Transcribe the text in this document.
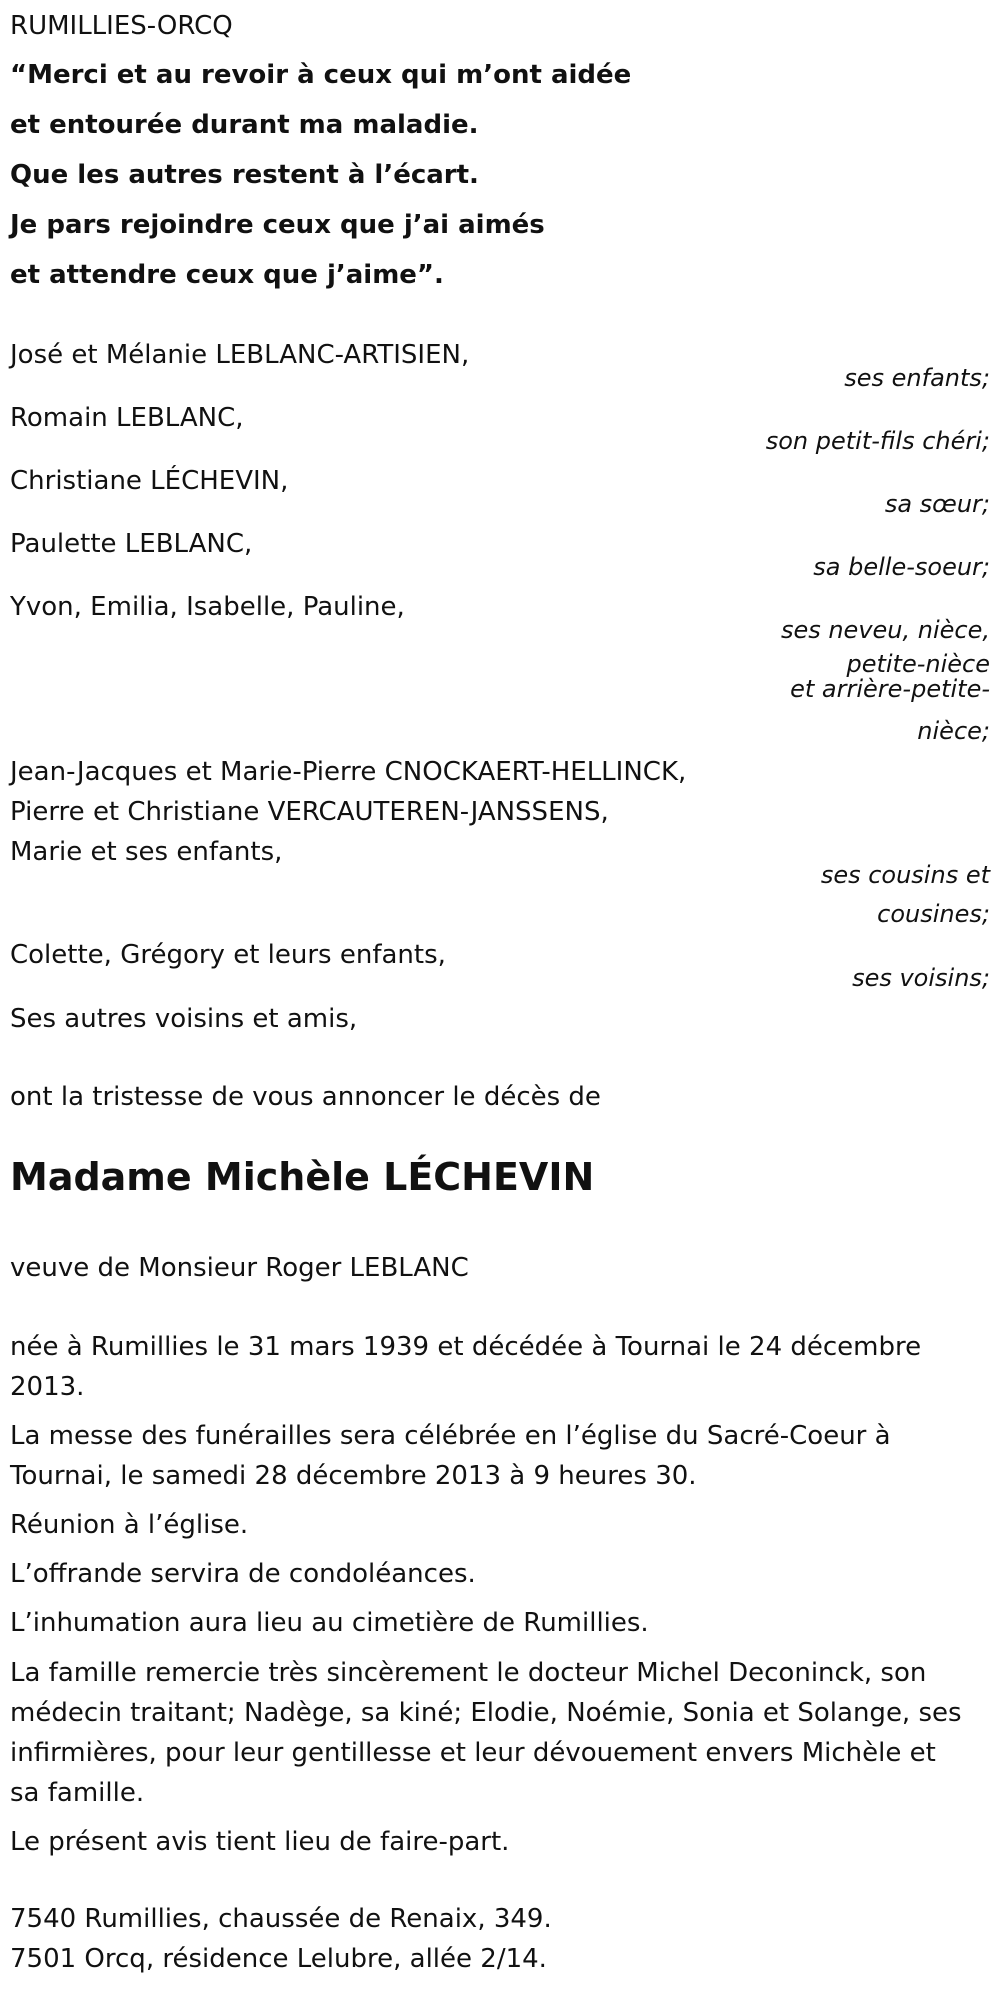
RUMILLIES-ORCQ

“Merci et au revoir à ceux qui m’ont aidée

et entourée durant ma maladie.

Que les autres restent à l’écart.

Je pars rejoindre ceux que j’ai aimés

et attendre ceux que j’aime”.

José et Mélanie LEBLANC-ARTISIEN,

ses enfants;

Romain LEBLANC,

son petit-fils chéri;

Christiane LÉCHEVIN,

sa sœur;

Paulette LEBLANC,

sa belle-soeur;

Yvon, Emilia, Isabelle, Pauline,

ses neveu, nièce,

petite-nièce

et arrière-petite-

nièce;

Jean-Jacques et Marie-Pierre CNOCKAERT-HELLINCK,

Pierre et Christiane VERCAUTEREN-JANSSENS,

Marie et ses enfants,

ses cousins et

cousines;

Colette, Grégory et leurs enfants,

ses voisins;

Ses autres voisins et amis,

ont la tristesse de vous annoncer le décès de

Madame Michèle LÉCHEVIN

veuve de Monsieur Roger LEBLANC

née à Rumillies le 31 mars 1939 et décédée à Tournai le 24 décembre 2013.

La messe des funérailles sera célébrée en l’église du Sacré-Coeur à Tournai, le samedi 28 décembre 2013 à 9 heures 30.

Réunion à l’église.

L’offrande servira de condoléances.

L’inhumation aura lieu au cimetière de Rumillies.

La famille remercie très sincèrement le docteur Michel Deconinck, son médecin traitant; Nadège, sa kiné; Elodie, Noémie, Sonia et Solange, ses infirmières, pour leur gentillesse et leur dévouement envers Michèle et sa famille.

Le présent avis tient lieu de faire-part.

7540 Rumillies, chaussée de Renaix, 349.

7501 Orcq, résidence Lelubre, allée 2/14.
